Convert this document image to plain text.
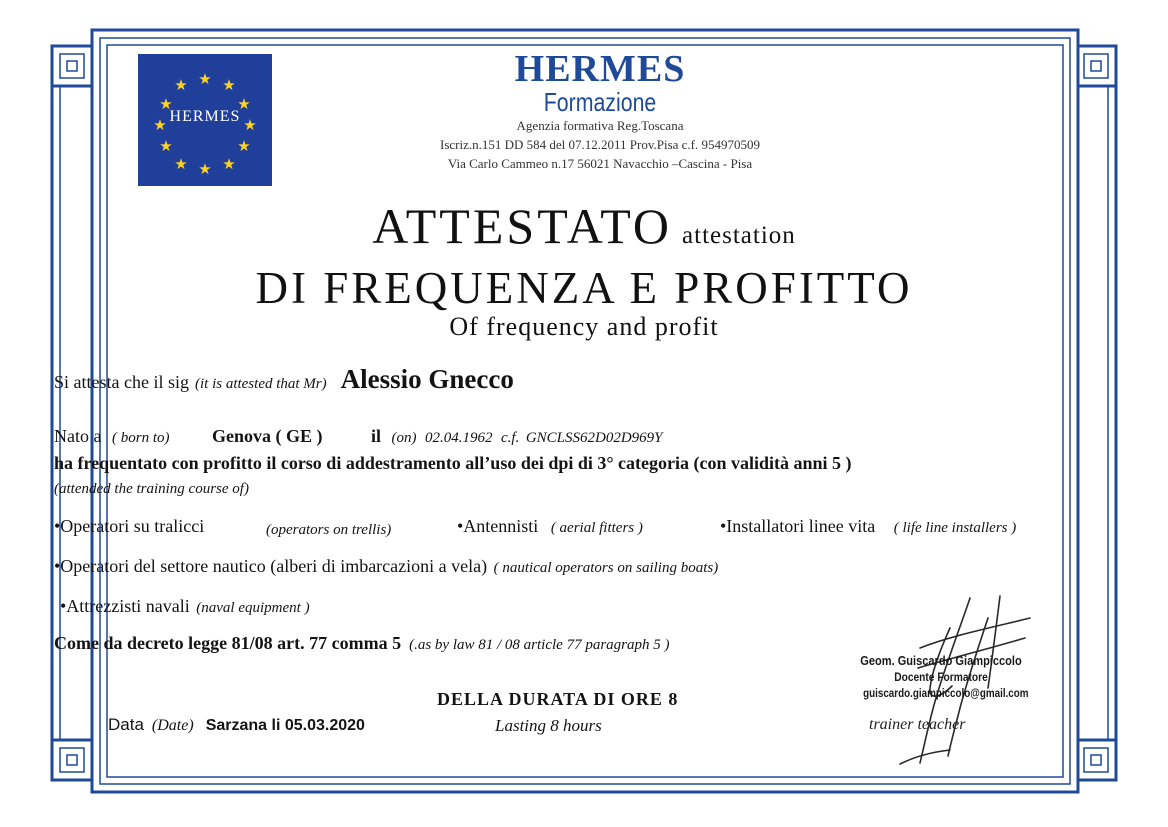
★ ★
★
★
★
★
★
★
★
★
★
★
HERMES
HERMES
Formazione
Agenzia formativa Reg.Toscana
Iscriz.n.151 DD 584 del 07.12.2011 Prov.Pisa c.f. 954970509
Via Carlo Cammeo n.17 56021 Navacchio –Cascina - Pisa
ATTESTATO attestation
DI FREQUENZA E PROFITTO
Of frequency and profit
Si attesta che il sig (it is attested that Mr) Alessio Gnecco
Nato a ( born to) Genova ( GE )	il (on) 02.04.1962 c.f. GNCLSS62D02D969Y
ha frequentato con profitto il corso di addestramento all’uso dei dpi di 3° categoria (con validità anni 5 )
(attended the training course of)
•Operatori su tralicci	(operators on trellis)	•Antennisti ( aerial fitters )	•Installatori linee vita ( life line installers )
•Operatori del settore nautico (alberi di imbarcazioni a vela) ( nautical operators on sailing boats)
•Attrezzisti navali (naval equipment )
Come da decreto legge 81/08 art. 77 comma 5 (.as by law 81 / 08 article 77 paragraph 5 )
DELLA DURATA DI ORE 8
Lasting 8 hours
Data (Date) Sarzana li 05.03.2020
Geom. Guiscardo Giampiccolo
Docente Formatore
guiscardo.giampiccolo@gmail.com
trainer teacher
